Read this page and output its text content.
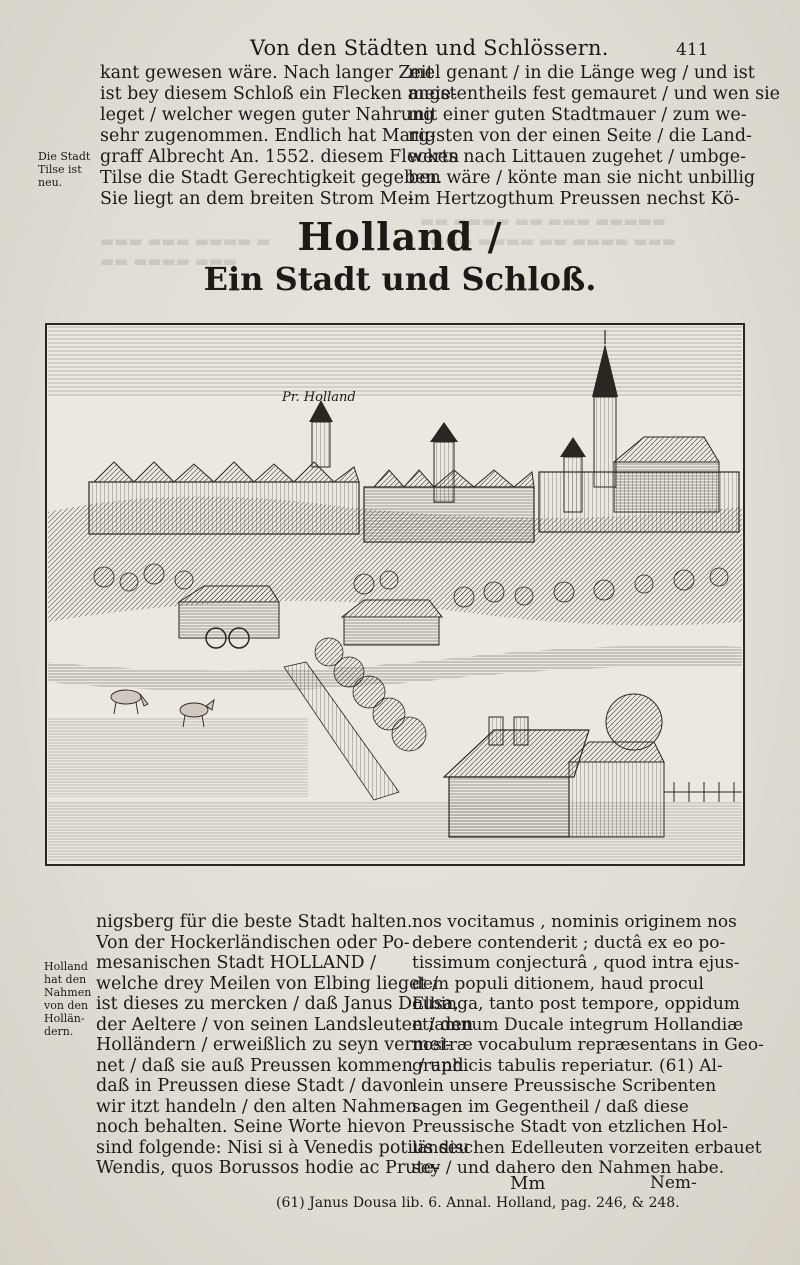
Von den Städten und Schlössern.	411
▬▬ ▬▬▬▬ ▬▬ ▬▬▬ ▬▬▬▬▬
▬▬▬ ▬▬▬▬ ▬▬ ▬▬▬▬ ▬▬▬
▬▬▬ ▬▬▬ ▬▬▬▬ ▬
▬▬ ▬▬▬▬ ▬▬▬
kant gewesen wäre. Nach langer Zeit
ist bey diesem Schloß ein Flecken ange-
leget / welcher wegen guter Nahrung
sehr zugenommen. Endlich hat Marg-
graff Albrecht An. 1552. diesem Flecken
Tilse die Stadt Gerechtigkeit gegeben.
Sie liegt an dem breiten Strom Me-
mel genant / in die Länge weg / und ist
meistentheils fest gemauret / und wen sie
mit einer guten Stadtmauer / zum we-
nigsten von der einen Seite / die Land-
werts nach Littauen zugehet / umbge-
ben wäre / könte man sie nicht unbillig
im Hertzogthum Preussen nechst Kö-
Die Stadt
Tilse ist
neu.
Holland /
Ein Stadt und Schloß.
Pr. Holland
nigsberg für die beste Stadt halten.
Von der Hockerländischen oder Po-
mesanischen Stadt HOLLAND /
welche drey Meilen von Elbing lieget /
ist dieses zu mercken / daß Janus Dousa,
der Aeltere / von seinen Landsleuten / den
Holländern / erweißlich zu seyn vermei-
net / daß sie auß Preussen kommen / und
daß in Preussen diese Stadt / davon
wir itzt handeln / den alten Nahmen
noch behalten. Seine Worte hievon
sind folgende: Nisi si à Venedis potius seu
Wendis, quos Borussos hodie ac Prute-
nos vocitamus , nominis originem nos
debere contenderit ; ductâ ex eo po-
tissimum conjecturâ , quod intra ejus-
dem populi ditionem, haud procul
Elbinga, tanto post tempore, oppidum
etiamnum Ducale integrum Hollandiæ
nostræ vocabulum repræsentans in Geo-
graphicis tabulis reperiatur. (61) Al-
lein unsere Preussische Scribenten
sagen im Gegentheil / daß diese
Preussische Stadt von etzlichen Hol-
ländischen Edelleuten vorzeiten erbauet
sey / und dahero den Nahmen habe.
Holland
hat den
Nahmen
von den
Hollän-
dern.
Mm	Nem-
(61) Janus Dousa lib. 6. Annal. Holland, pag. 246, & 248.
